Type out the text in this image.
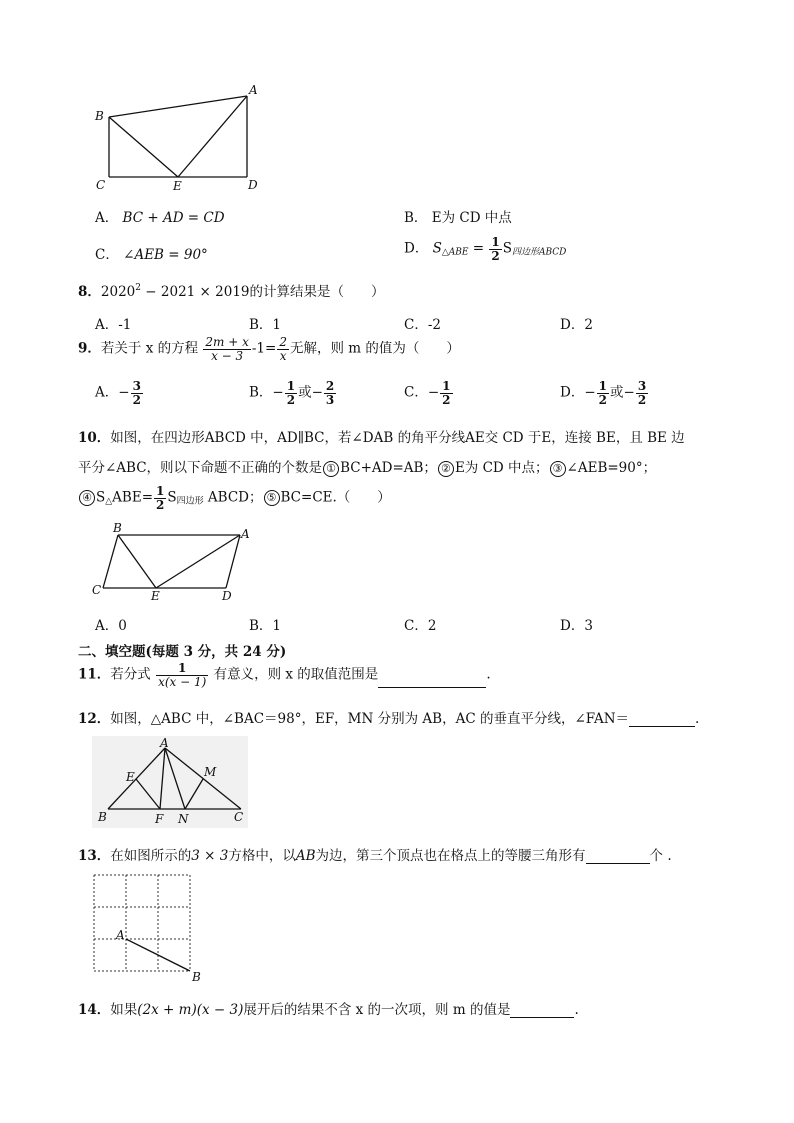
A
B
C	E	D
A． BC + AD = CD	B． E为 CD 中点
C． ∠AEB = 90°	D． $S_{\triangle ABE} = \frac{1}{2} S_{四边形ABCD}$
8．$2020^2 - 2021 \times 2019$的计算结果是（　　）
A．-1	B．1	C．-2	D．2
9．若关于 x 的方程 $\frac{2m + x}{x - 3} -1= \frac{2}{x}$ 无解，则 m 的值为（　　）
A．− $\frac{3}{2}$	B．− $\frac{1}{2}$ 或− $\frac{2}{3}$	C．− $\frac{1}{2}$	D．− $\frac{1}{2}$ 或− $\frac{3}{2}$
10．如图，在四边形ABCD 中，AD∥BC，若∠DAB 的角平分线AE交 CD 于E，连接 BE，且 BE 边
平分∠ABC，则以下命题不正确的个数是 ① BC+AD=AB； ② E为 CD 中点； ③ ∠AEB=90°；
④ $S_\triangle ABE= \frac{1}{2} S_{四边形}$ ABCD； ⑤ BC=CE.（　　）
B	A
C	E	D
A．0	B．1	C．2	D．3
二、填空题(每题 3 分，共 24 分)
11．若分式 $\frac{1}{x(x - 1)}$ 有意义，则 x 的取值范围是	.
12．如图，△ABC 中，∠BAC＝98°，EF，MN 分别为 AB，AC 的垂直平分线，∠FAN＝	.
A
E	M
B	F N	C
13．在如图所示的3 × 3方格中，以AB为边，第三个顶点也在格点上的等腰三角形有	个 .
A
B
14．如果(2x + m)(x − 3)展开后的结果不含 x 的一次项，则 m 的值是	.
